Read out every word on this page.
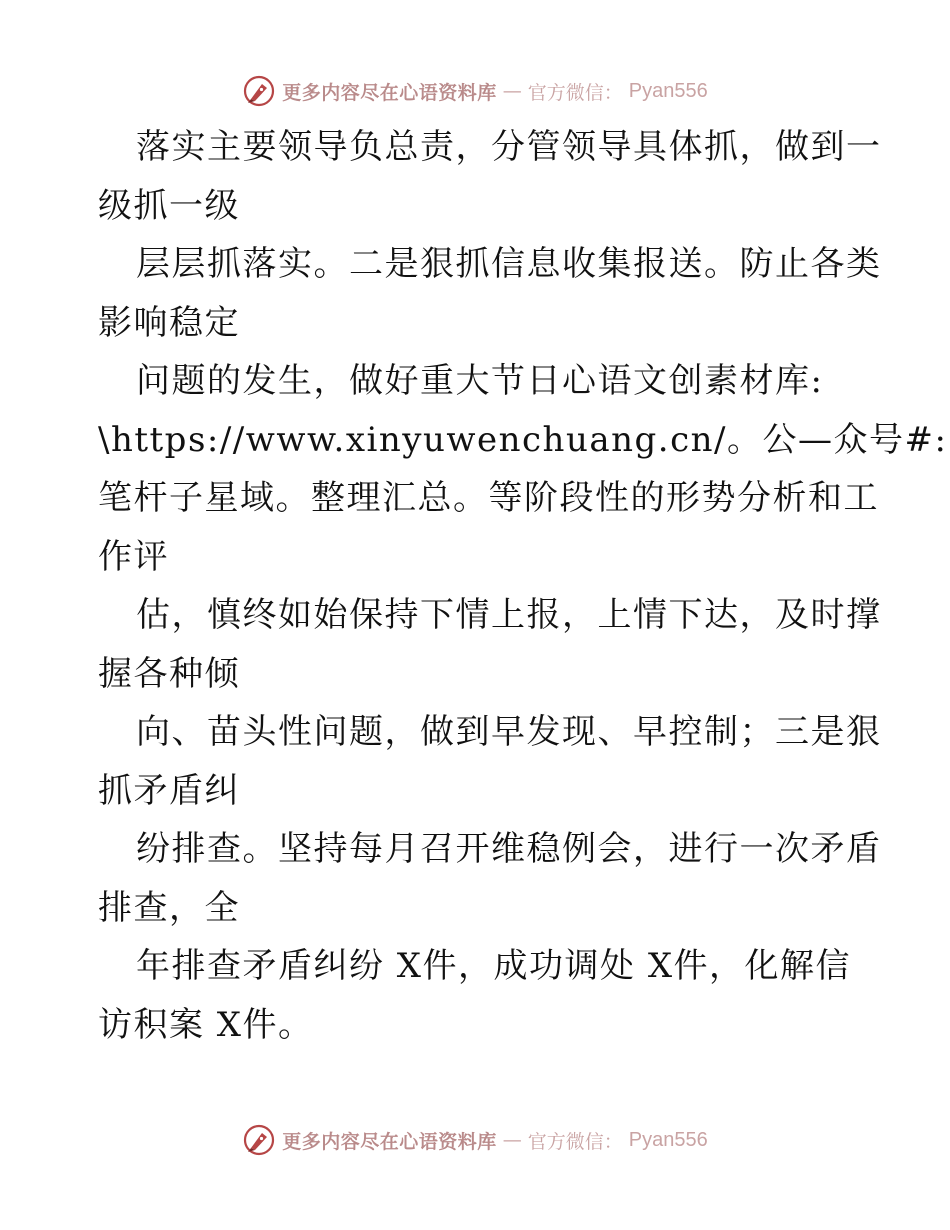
更多内容尽在心语资料库 — 官方微信： Pyan556
落实主要领导负总责，分管领导具体抓，做到一
级抓一级
层层抓落实。二是狠抓信息收集报送。防止各类
影响稳定
问题的发生，做好重大节日心语文创素材库:
\https://www.xinyuwenchuang.cn/。公—众号#:
笔杆子星域。整理汇总。等阶段性的形势分析和工
作评
估，慎终如始保持下情上报，上情下达，及时撑
握各种倾
向、苗头性问题，做到早发现、早控制；三是狠
抓矛盾纠
纷排查。坚持每月召开维稳例会，进行一次矛盾
排查，全
年排查矛盾纠纷 X件，成功调处 X件，化解信
访积案 X件。
更多内容尽在心语资料库 — 官方微信： Pyan556
